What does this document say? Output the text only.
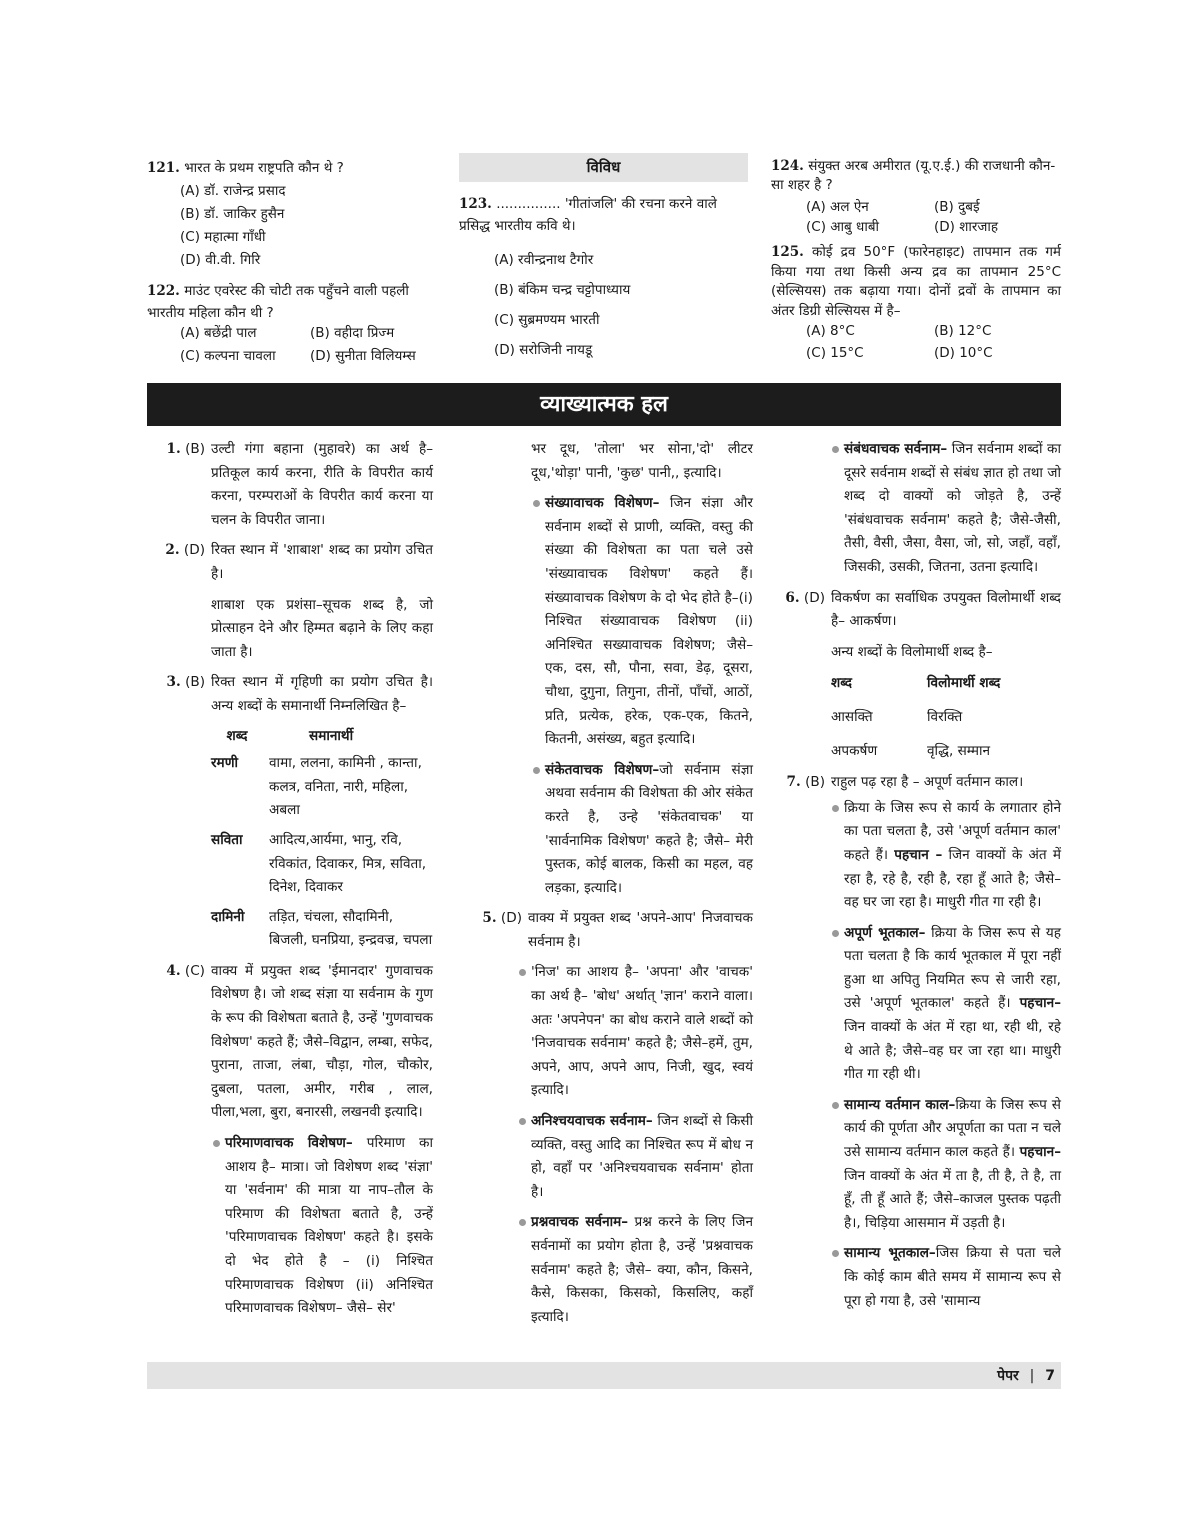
121. भारत के प्रथम राष्ट्रपति कौन थे ?
(A) डॉ. राजेन्द्र प्रसाद
(B) डॉ. जाकिर हुसैन
(C) महात्मा गाँधी
(D) वी.वी. गिरि
122. माउंट एवरेस्ट की चोटी तक पहुँचने वाली पहली भारतीय महिला कौन थी ?
(A) बछेंद्री पाल	(B) वहीदा प्रिज्म
(C) कल्पना चावला	(D) सुनीता विलियम्स
विविध
123. ............... 'गीतांजलि' की रचना करने वाले प्रसिद्ध भारतीय कवि थे।
(A) रवीन्द्रनाथ टैगोर
(B) बंकिम चन्द्र चट्टोपाध्याय
(C) सुब्रमण्यम भारती
(D) सरोजिनी नायडू
124. संयुक्त अरब अमीरात (यू.ए.ई.) की राजधानी कौन-सा शहर है ?
(A) अल ऐन	(B) दुबई
(C) आबु धाबी	(D) शारजाह
125. कोई द्रव 50°F (फारेनहाइट) तापमान तक गर्म किया गया तथा किसी अन्य द्रव का तापमान 25°C (सेल्सियस) तक बढ़ाया गया। दोनों द्रवों के तापमान का अंतर डिग्री सेल्सियस में है–
(A) 8°C	(B) 12°C
(C) 15°C	(D) 10°C
व्याख्यात्मक हल
1. (B) उल्टी गंगा बहाना (मुहावरे) का अर्थ है– प्रतिकूल कार्य करना, रीति के विपरीत कार्य करना, परम्पराओं के विपरीत कार्य करना या चलन के विपरीत जाना।

2. (D) रिक्त स्थान में 'शाबाश' शब्द का प्रयोग उचित है।

शाबाश एक प्रशंसा–सूचक शब्द है, जो प्रोत्साहन देने और हिम्मत बढ़ाने के लिए कहा जाता है।

3. (B) रिक्त स्थान में गृहिणी का प्रयोग उचित है। अन्य शब्दों के समानार्थी निम्नलिखित है–

शब्द	समानार्थी
रमणी	वामा, ललना, कामिनी , कान्ता, कलत्र, वनिता, नारी, महिला, अबला
सविता	आदित्य,आर्यमा, भानु, रवि, रविकांत, दिवाकर, मित्र, सविता, दिनेश, दिवाकर
दामिनी	तड़ित, चंचला, सौदामिनी, बिजली, घनप्रिया, इन्द्रवज्र, चपला
4. (C) वाक्य में प्रयुक्त शब्द 'ईमानदार' गुणवाचक विशेषण है। जो शब्द संज्ञा या सर्वनाम के गुण के रूप की विशेषता बताते है, उन्हें 'गुणवाचक विशेषण' कहते हैं; जैसे–विद्वान, लम्बा, सफेद, पुराना, ताजा, लंबा, चौड़ा, गोल, चौकोर, दुबला, पतला, अमीर, गरीब , लाल, पीला,भला, बुरा, बनारसी, लखनवी इत्यादि।

परिमाणवाचक विशेषण– परिमाण का आशय है– मात्रा। जो विशेषण शब्द 'संज्ञा' या 'सर्वनाम' की मात्रा या नाप–तौल के परिमाण की विशेषता बताते है, उन्हें 'परिमाणवाचक विशेषण' कहते है। इसके दो भेद होते है – (i) निश्चित परिमाणवाचक विशेषण (ii) अनिश्चित परिमाणवाचक विशेषण– जैसे– सेर'

भर दूध, 'तोला' भर सोना,'दो' लीटर दूध,'थोड़ा' पानी, 'कुछ' पानी,, इत्यादि।

संख्यावाचक विशेषण– जिन संज्ञा और सर्वनाम शब्दों से प्राणी, व्यक्ति, वस्तु की संख्या की विशेषता का पता चले उसे 'संख्यावाचक विशेषण' कहते हैं। संख्यावाचक विशेषण के दो भेद होते है–(i) निश्चित संख्यावाचक विशेषण (ii) अनिश्चित सख्यावाचक विशेषण; जैसे–एक, दस, सौ, पौना, सवा, डेढ़, दूसरा, चौथा, दुगुना, तिगुना, तीनों, पाँचों, आठों, प्रति, प्रत्येक, हरेक, एक-एक, कितने, कितनी, असंख्य, बहुत इत्यादि।

संकेतवाचक विशेषण–जो सर्वनाम संज्ञा अथवा सर्वनाम की विशेषता की ओर संकेत करते है, उन्हे 'संकेतवाचक' या 'सार्वनामिक विशेषण' कहते है; जैसे– मेरी पुस्तक, कोई बालक, किसी का महल, वह लड़का, इत्यादि।

5. (D) वाक्य में प्रयुक्त शब्द 'अपने-आप' निजवाचक सर्वनाम है।

'निज' का आशय है– 'अपना' और 'वाचक' का अर्थ है– 'बोध' अर्थात् 'ज्ञान' कराने वाला। अतः 'अपनेपन' का बोध कराने वाले शब्दों को 'निजवाचक सर्वनाम' कहते है; जैसे–हमें, तुम, अपने, आप, अपने आप, निजी, खुद, स्वयं इत्यादि।

अनिश्चयवाचक सर्वनाम– जिन शब्दों से किसी व्यक्ति, वस्तु आदि का निश्चित रूप में बोध न हो, वहाँ पर 'अनिश्चयवाचक सर्वनाम' होता है।

प्रश्नवाचक सर्वनाम– प्रश्न करने के लिए जिन सर्वनामों का प्रयोग होता है, उन्हें 'प्रश्नवाचक सर्वनाम' कहते है; जैसे– क्या, कौन, किसने, कैसे, किसका, किसको, किसलिए, कहाँ इत्यादि।

संबंधवाचक सर्वनाम– जिन सर्वनाम शब्दों का दूसरे सर्वनाम शब्दों से संबंध ज्ञात हो तथा जो शब्द दो वाक्यों को जोड़ते है, उन्हें 'संबंधवाचक सर्वनाम' कहते है; जैसे-जैसी, तैसी, वैसी, जैसा, वैसा, जो, सो, जहाँ, वहाँ, जिसकी, उसकी, जितना, उतना इत्यादि।

6. (D) विकर्षण का सर्वाधिक उपयुक्त विलोमार्थी शब्द है– आकर्षण।

अन्य शब्दों के विलोमार्थी शब्द है–

शब्द	विलोमार्थी शब्द
आसक्ति	विरक्ति
अपकर्षण	वृद्धि, सम्मान
7. (B) राहुल पढ़ रहा है – अपूर्ण वर्तमान काल।

क्रिया के जिस रूप से कार्य के लगातार होने का पता चलता है, उसे 'अपूर्ण वर्तमान काल' कहते हैं। पहचान – जिन वाक्यों के अंत में रहा है, रहे है, रही है, रहा हूँ आते है; जैसे–वह घर जा रहा है। माधुरी गीत गा रही है।

अपूर्ण भूतकाल– क्रिया के जिस रूप से यह पता चलता है कि कार्य भूतकाल में पूरा नहीं हुआ था अपितु नियमित रूप से जारी रहा, उसे 'अपूर्ण भूतकाल' कहते हैं। पहचान– जिन वाक्यों के अंत में रहा था, रही थी, रहे थे आते है; जैसे–वह घर जा रहा था। माधुरी गीत गा रही थी।

सामान्य वर्तमान काल–क्रिया के जिस रूप से कार्य की पूर्णता और अपूर्णता का पता न चले उसे सामान्य वर्तमान काल कहते हैं। पहचान–जिन वाक्यों के अंत में ता है, ती है, ते है, ता हूँ, ती हूँ आते हैं; जैसे–काजल पुस्तक पढ़ती है।, चिड़िया आसमान में उड़ती है।

सामान्य भूतकाल–जिस क्रिया से पता चले कि कोई काम बीते समय में सामान्य रूप से पूरा हो गया है, उसे 'सामान्य

पेपर | 7
